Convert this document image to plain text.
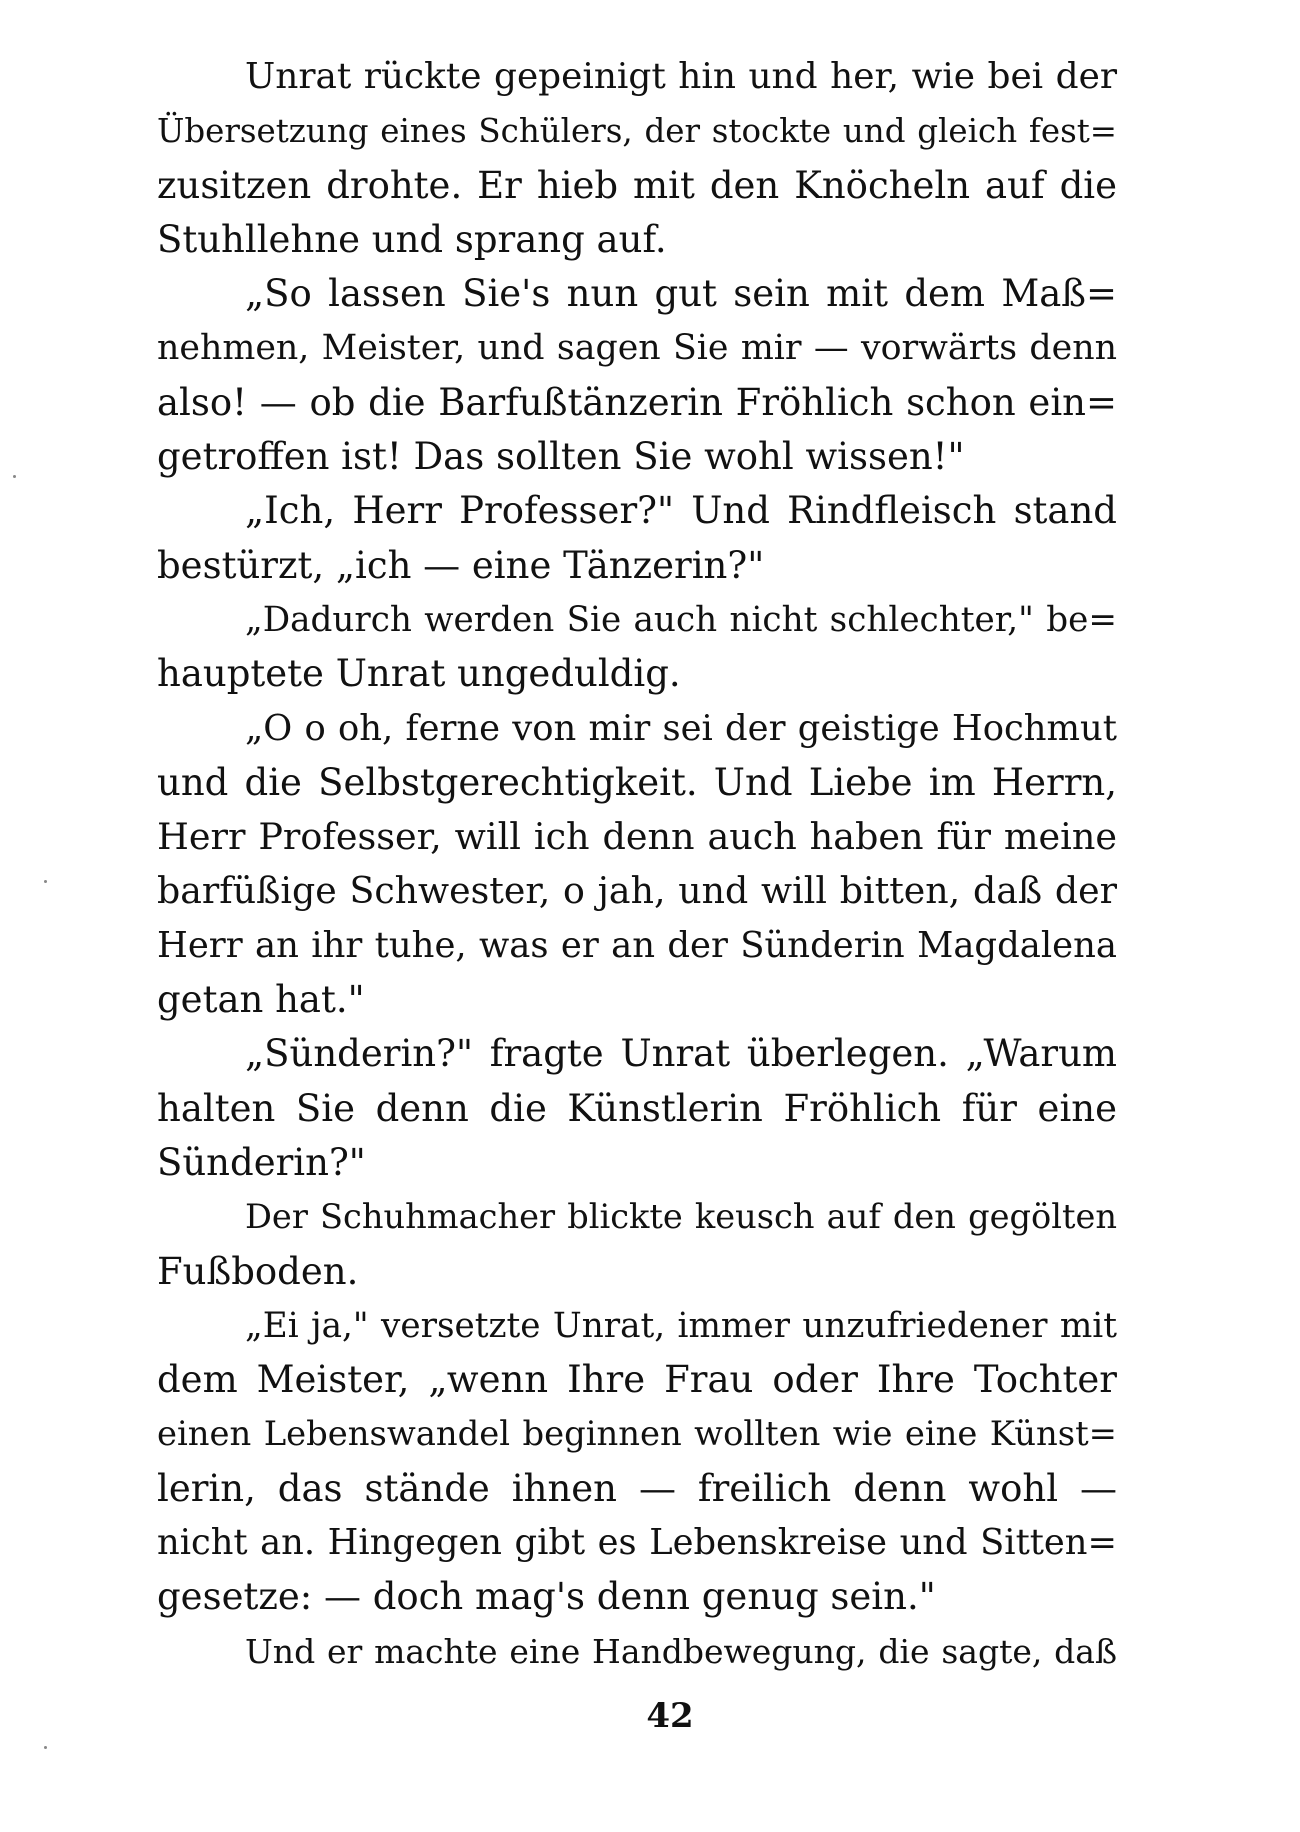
Unrat rückte gepeinigt hin und her, wie bei der
Übersetzung eines Schülers, der stockte und gleich fest=
zusitzen drohte. Er hieb mit den Knöcheln auf die
Stuhllehne und sprang auf.
„So lassen Sie's nun gut sein mit dem Maß=
nehmen, Meister, und sagen Sie mir — vorwärts denn
also! — ob die Barfußtänzerin Fröhlich schon ein=
getroffen ist! Das sollten Sie wohl wissen!"
„Ich, Herr Professer?" Und Rindfleisch stand
bestürzt, „ich — eine Tänzerin?"
„Dadurch werden Sie auch nicht schlechter," be=
hauptete Unrat ungeduldig.
„O o oh, ferne von mir sei der geistige Hochmut
und die Selbstgerechtigkeit. Und Liebe im Herrn,
Herr Professer, will ich denn auch haben für meine
barfüßige Schwester, o jah, und will bitten, daß der
Herr an ihr tuhe, was er an der Sünderin Magdalena
getan hat."
„Sünderin?" fragte Unrat überlegen. „Warum
halten Sie denn die Künstlerin Fröhlich für eine
Sünderin?"
Der Schuhmacher blickte keusch auf den gegölten
Fußboden.
„Ei ja," versetzte Unrat, immer unzufriedener mit
dem Meister, „wenn Ihre Frau oder Ihre Tochter
einen Lebenswandel beginnen wollten wie eine Künst=
lerin, das stände ihnen — freilich denn wohl —
nicht an. Hingegen gibt es Lebenskreise und Sitten=
gesetze: — doch mag's denn genug sein."
Und er machte eine Handbewegung, die sagte, daß
42
